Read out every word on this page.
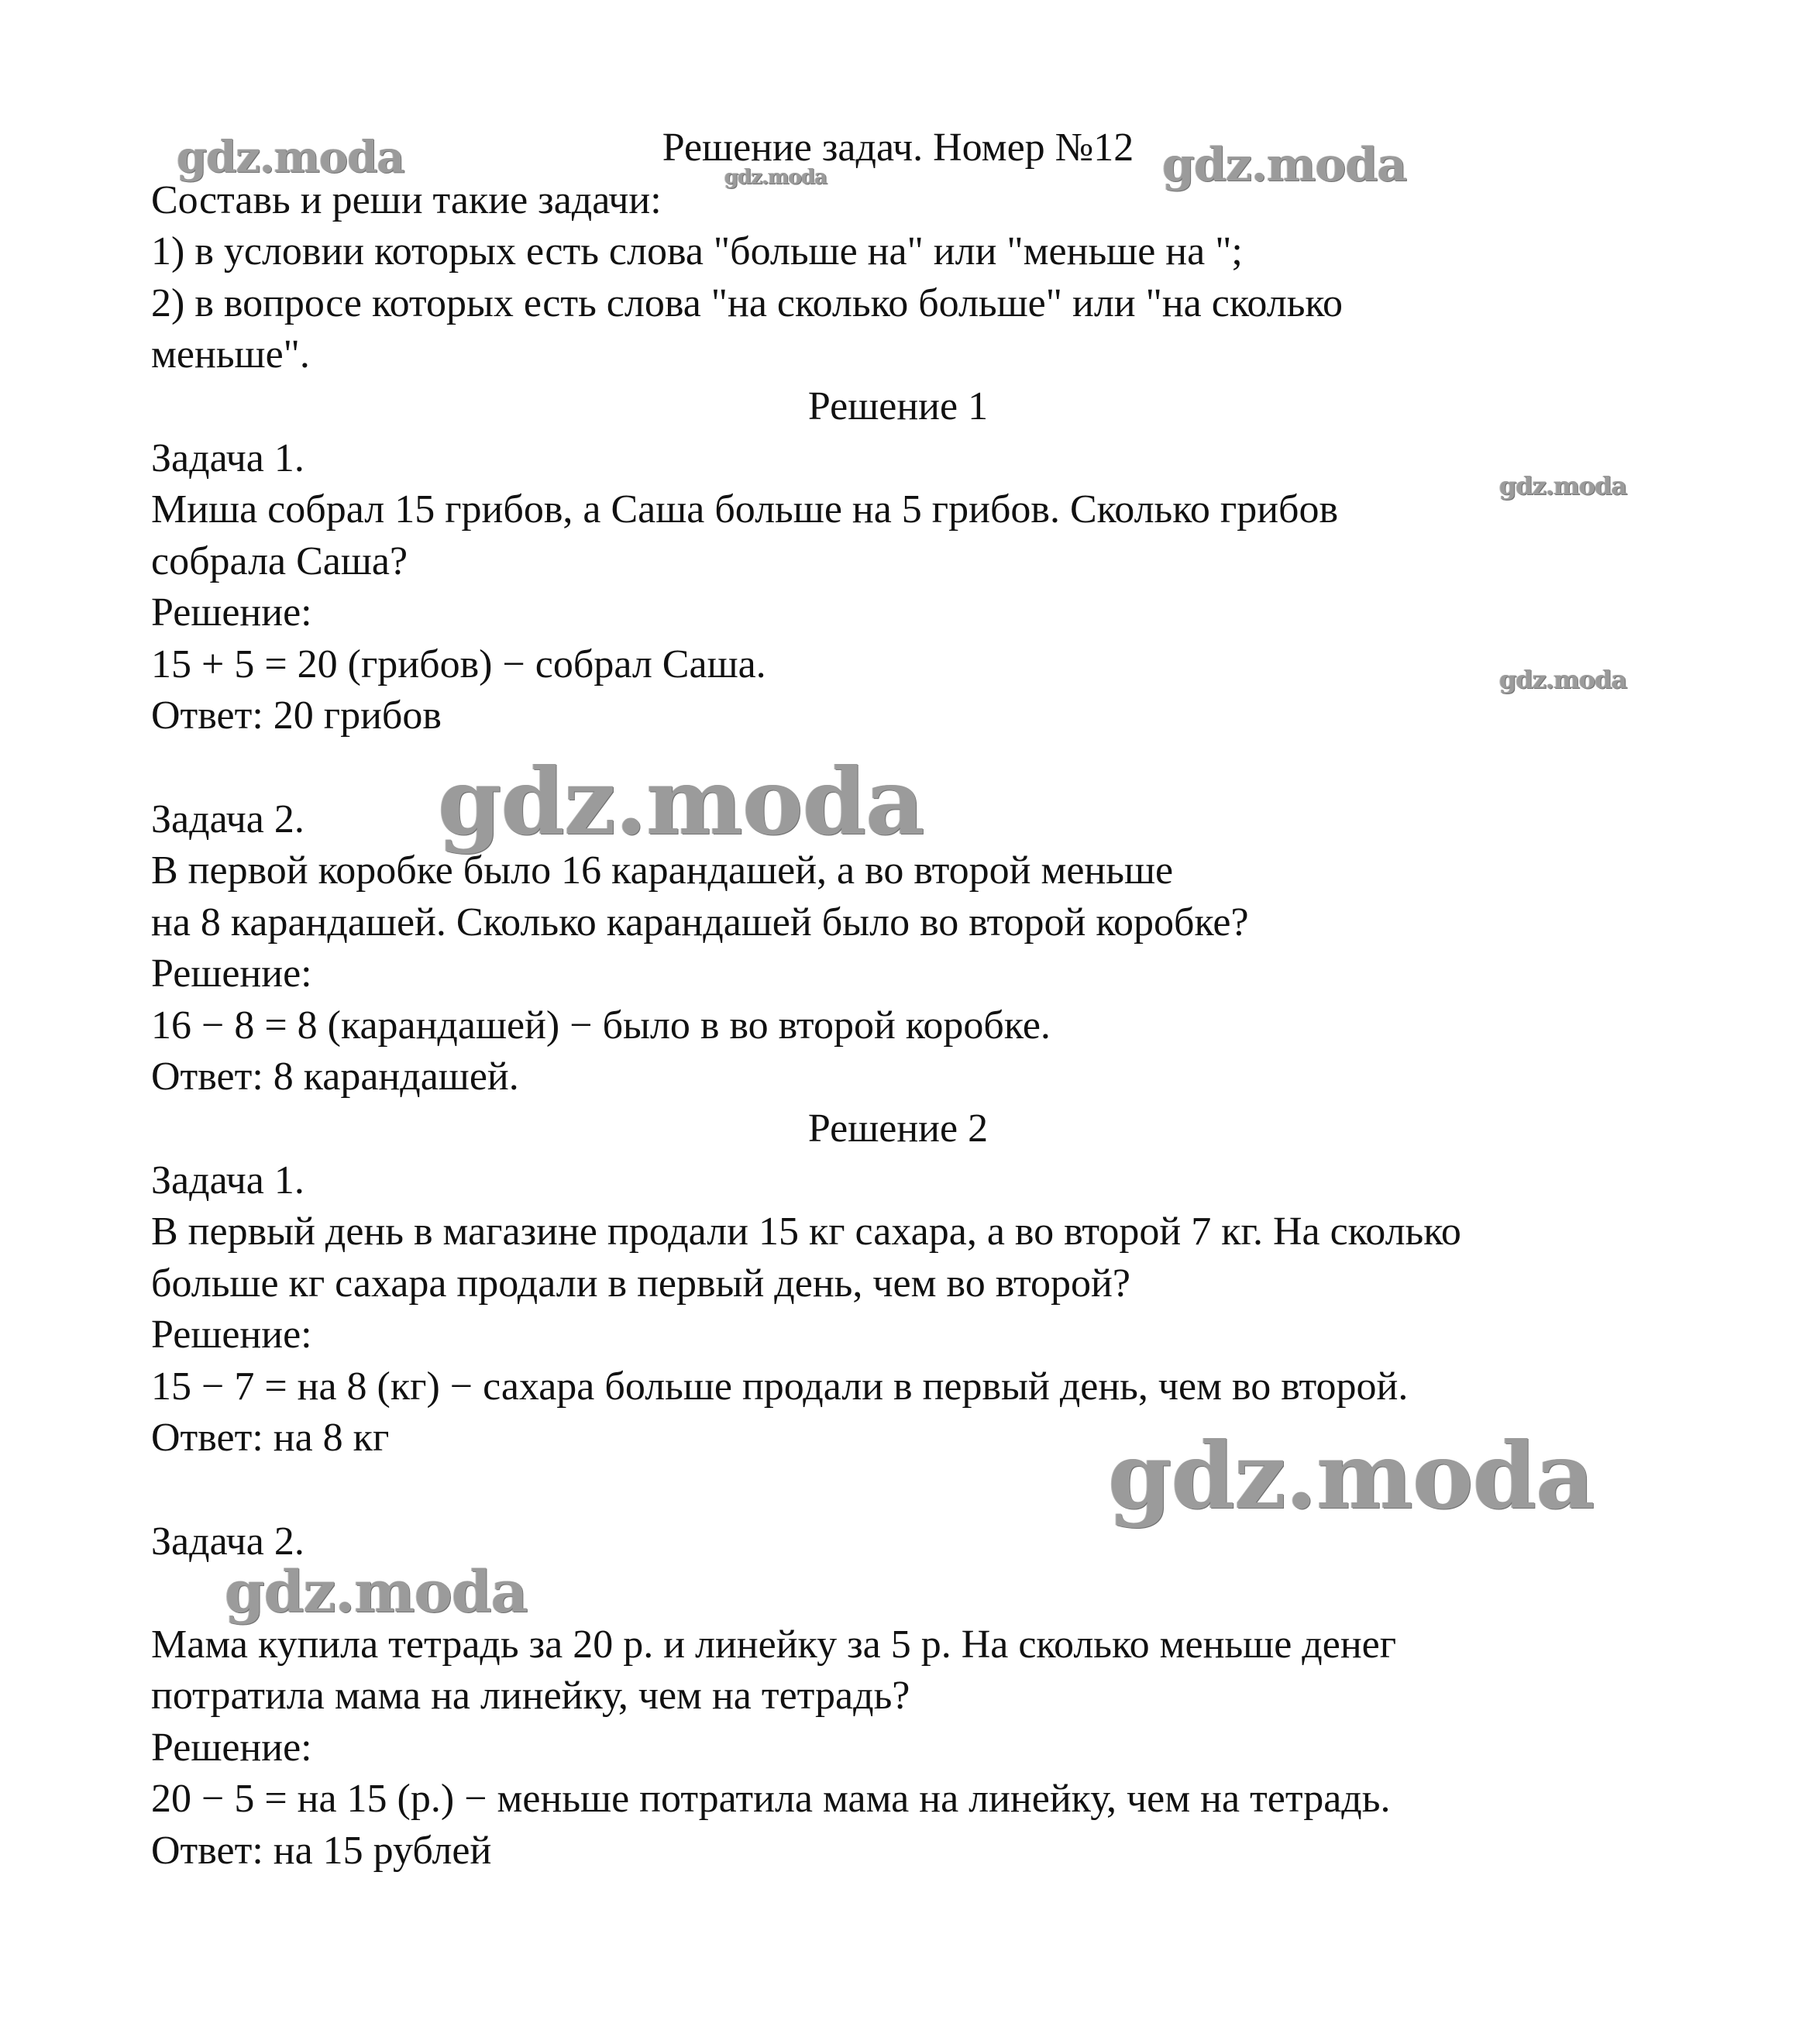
Решение задач. Номер №12
Составь и реши такие задачи:
1) в условии которых есть слова "больше на" или "меньше на ";
2) в вопросе которых есть слова "на сколько больше" или "на сколько
меньше".
Решение 1
Задача 1.
Миша собрал 15 грибов, а Саша больше на 5 грибов. Сколько грибов
собрала Саша?
Решение:
15 + 5 = 20 (грибов) − собрал Саша.
Ответ: 20 грибов
Задача 2.
В первой коробке было 16 карандашей, а во второй меньше
на 8 карандашей. Сколько карандашей было во второй коробке?
Решение:
16 − 8 = 8 (карандашей) − было в во второй коробке.
Ответ: 8 карандашей.
Решение 2
Задача 1.
В первый день в магазине продали 15 кг сахара, а во второй 7 кг. На сколько
больше кг сахара продали в первый день, чем во второй?
Решение:
15 − 7 = на 8 (кг) − сахара больше продали в первый день, чем во второй.
Ответ: на 8 кг
Задача 2.
Мама купила тетрадь за 20 р. и линейку за 5 р. На сколько меньше денег
потратила мама на линейку, чем на тетрадь?
Решение:
20 − 5 = на 15 (р.) − меньше потратила мама на линейку, чем на тетрадь.
Ответ: на 15 рублей
gdz.moda	gdz.moda
gdz.moda
gdz.moda
gdz.moda
gdz.moda
gdz.moda
gdz.moda
